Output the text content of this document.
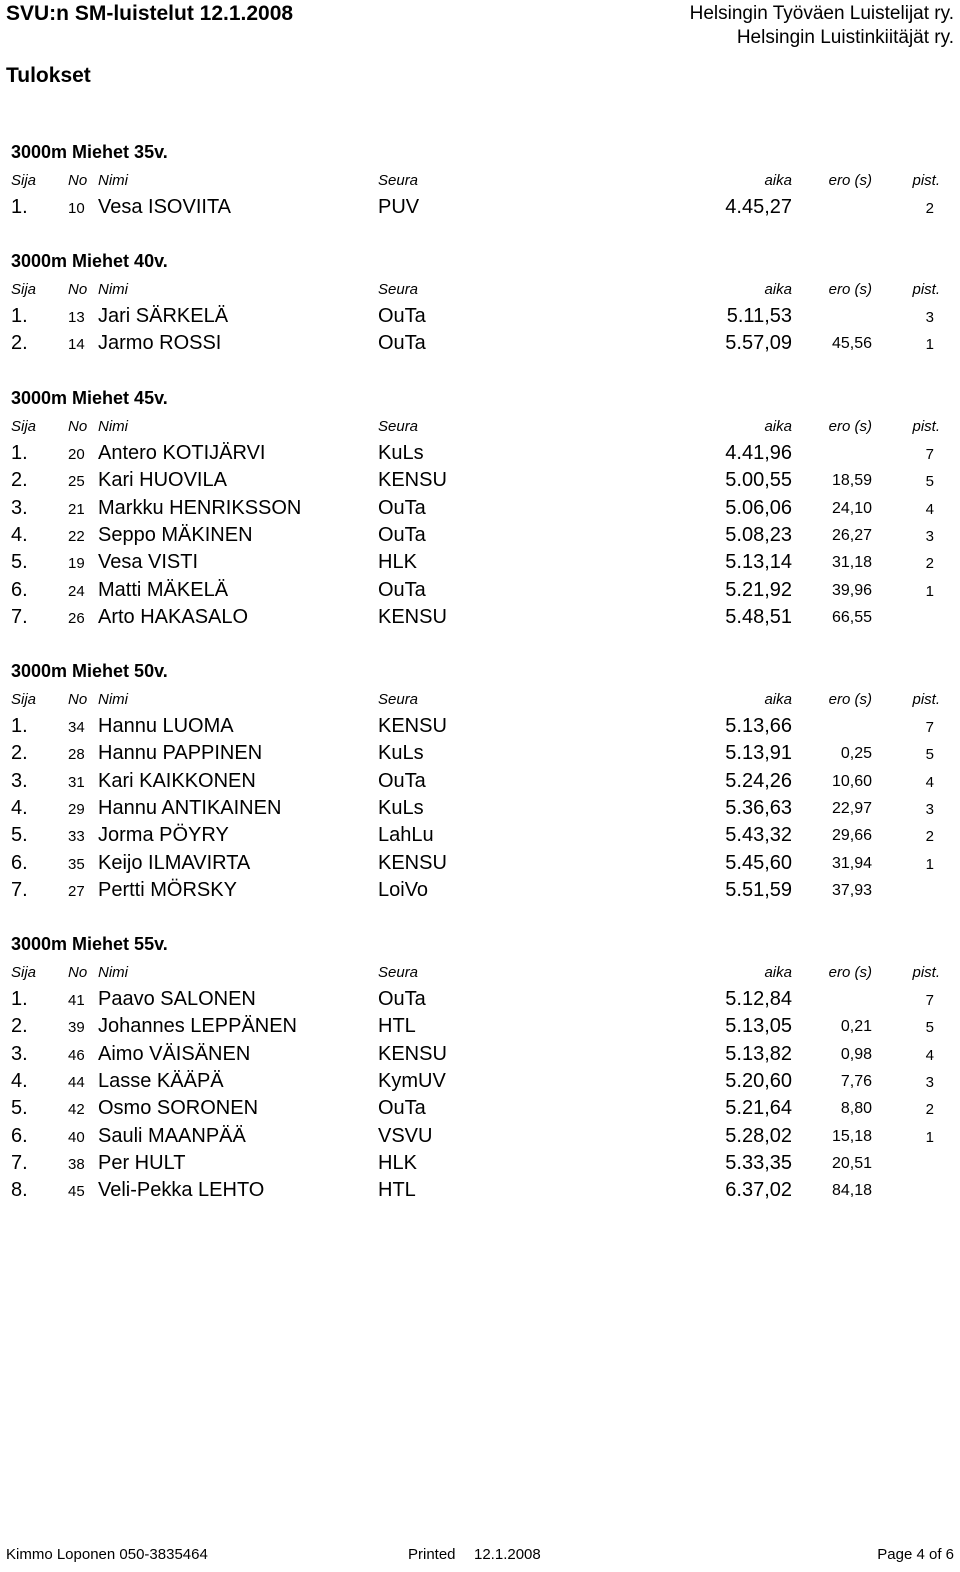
SVU:n SM-luistelut 12.1.2008	Helsingin Työväen Luistelijat ry.
Helsingin Luistinkiitäjät ry.
Tulokset
3000m Miehet 35v.
Sija No Nimi	Seura	aika ero (s)	pist.
1.	10 Vesa ISOVIITA	PUV	4.45,27	2
3000m Miehet 40v.
Sija No Nimi	Seura	aika ero (s)	pist.
1.	13 Jari SÄRKELÄ	OuTa	5.11,53	3
2.	14 Jarmo ROSSI	OuTa	5.57,09 45,56	1
3000m Miehet 45v.
Sija No Nimi	Seura	aika ero (s)	pist.
1.	20 Antero KOTIJÄRVI	KuLs	4.41,96	7
2.	25 Kari HUOVILA	KENSU	5.00,55 18,59	5
3.	21 Markku HENRIKSSON	OuTa	5.06,06 24,10	4
4.	22 Seppo MÄKINEN	OuTa	5.08,23 26,27	3
5.	19 Vesa VISTI	HLK	5.13,14 31,18	2
6.	24 Matti MÄKELÄ	OuTa	5.21,92 39,96	1
7.	26 Arto HAKASALO	KENSU	5.48,51 66,55
3000m Miehet 50v.
Sija No Nimi	Seura	aika ero (s)	pist.
1.	34 Hannu LUOMA	KENSU	5.13,66	7
2.	28 Hannu PAPPINEN	KuLs	5.13,91	0,25	5
3.	31 Kari KAIKKONEN	OuTa	5.24,26 10,60	4
4.	29 Hannu ANTIKAINEN	KuLs	5.36,63 22,97	3
5.	33 Jorma PÖYRY	LahLu	5.43,32 29,66	2
6.	35 Keijo ILMAVIRTA	KENSU	5.45,60 31,94	1
7.	27 Pertti MÖRSKY	LoiVo	5.51,59 37,93
3000m Miehet 55v.
Sija No Nimi	Seura	aika ero (s)	pist.
1.	41 Paavo SALONEN	OuTa	5.12,84	7
2.	39 Johannes LEPPÄNEN	HTL	5.13,05	0,21	5
3.	46 Aimo VÄISÄNEN	KENSU	5.13,82	0,98	4
4.	44 Lasse KÄÄPÄ	KymUV	5.20,60	7,76	3
5.	42 Osmo SORONEN	OuTa	5.21,64	8,80	2
6.	40 Sauli MAANPÄÄ	VSVU	5.28,02 15,18	1
7.	38 Per HULT	HLK	5.33,35 20,51
8.	45 Veli-Pekka LEHTO	HTL	6.37,02 84,18
Kimmo Loponen 050-3835464	Printed 12.1.2008	Page 4 of 6
